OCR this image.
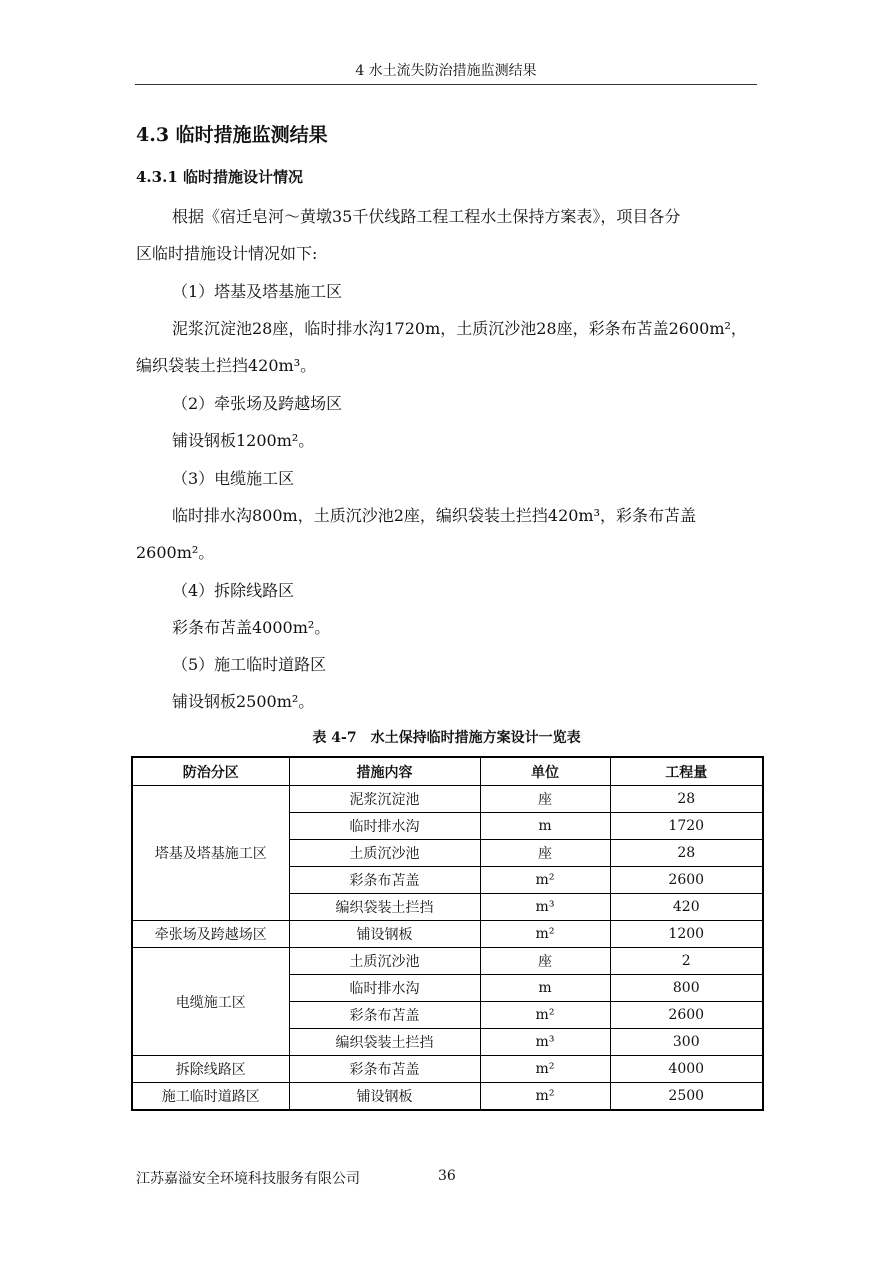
4 水土流失防治措施监测结果
4.3 临时措施监测结果
4.3.1 临时措施设计情况
根据《宿迁皂河～黄墩35千伏线路工程工程水土保持方案表》，项目各分
区临时措施设计情况如下:
（1）塔基及塔基施工区
泥浆沉淀池28座，临时排水沟1720m，土质沉沙池28座，彩条布苫盖2600m²，
编织袋装土拦挡420m³。
（2）牵张场及跨越场区
铺设钢板1200m²。
（3）电缆施工区
临时排水沟800m，土质沉沙池2座，编织袋装土拦挡420m³，彩条布苫盖
2600m²。
（4）拆除线路区
彩条布苫盖4000m²。
（5）施工临时道路区
铺设钢板2500m²。
表 4-7　水土保持临时措施方案设计一览表
防治分区	措施内容	单位	工程量
塔基及塔基施工区	泥浆沉淀池	座	28
	临时排水沟	m	1720
	土质沉沙池	座	28
	彩条布苫盖	m²	2600
	编织袋装土拦挡	m³	420
牵张场及跨越场区	铺设钢板	m²	1200
电缆施工区	土质沉沙池	座	2
	临时排水沟	m	800
	彩条布苫盖	m²	2600
	编织袋装土拦挡	m³	300
拆除线路区	彩条布苫盖	m²	4000
施工临时道路区	铺设钢板	m²	2500
江苏嘉溢安全环境科技服务有限公司	36
